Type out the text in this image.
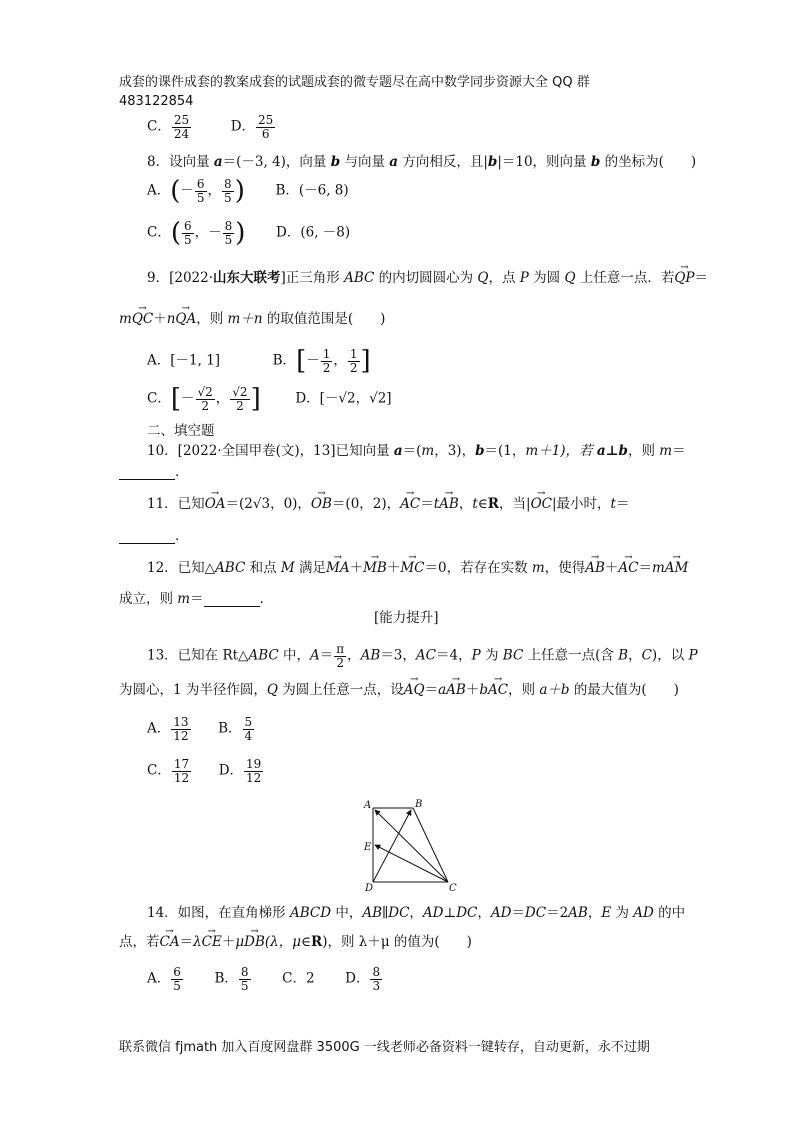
成套的课件成套的教案成套的试题成套的微专题尽在高中数学同步资源大全 QQ 群
483122854
C． $\frac{25}{24}$	D． $\frac{25}{6}$
8．设向量 a＝(－3, 4)，向量 b 与向量 a 方向相反，且|b|＝10，则向量 b 的坐标为(　　)
A．(－ $\frac{6}{5}$ ， $\frac{8}{5}$ ) B．(－6, 8)
C．( $\frac{6}{5}$ ，－ $\frac{8}{5}$ ) D．(6, －8)
9．[2022·山东大联考]正三角形 ABC 的内切圆圆心为 Q，点 P 为圆 Q 上任意一点．若→ QP＝
m→ QC＋n→ QA，则 m＋n 的取值范围是(　　)
A．[－1, 1]	B．[－ $\frac{1}{2}$ ， $\frac{1}{2}$ ]
C．[－ $\frac{√2}{2}$ ， $\frac{√2}{2}$ ]	D．[－√2，√2]
二、填空题
10．[2022·全国甲卷(文)，13]已知向量 a＝(m，3)，b＝(1，m＋1)，若 a⊥b，则 m＝
．
11．已知→ OA＝(2√3，0)，→ OB＝(0，2)，→ AC＝t→ AB，t∈R，当|→ OC|最小时，t＝
．
12．已知△ABC 和点 M 满足→ MA＋→ MB＋→ MC＝0，若存在实数 m，使得→ AB＋→ AC＝m→ AM
成立，则 m＝	．
[能力提升]
13．已知在 Rt△ABC 中，$A= \frac{\pi}{2}$ ，AB＝3，AC＝4，P 为 BC 上任意一点(含 B，C)，以 P
为圆心，1 为半径作圆，Q 为圆上任意一点，设→ AQ＝a→ AB＋b→ AC，则 a＋b 的最大值为(　　)
A． $\frac{13}{12}$ B． $\frac{5}{4}$
C． $\frac{17}{12}$ D． $\frac{19}{12}$
A	B
E
D	C
14．如图，在直角梯形 ABCD 中，AB∥DC，AD⊥DC，AD＝DC＝2AB，E 为 AD 的中
点，若→ CA＝λ→ CE＋μ→ DB(λ，μ∈R)，则 λ＋μ 的值为(　　)
A． $\frac{6}{5}$ B． $\frac{8}{5}$ C．2 D． $\frac{8}{3}$
联系微信 fjmath 加入百度网盘群 3500G 一线老师必备资料一键转存，自动更新，永不过期
